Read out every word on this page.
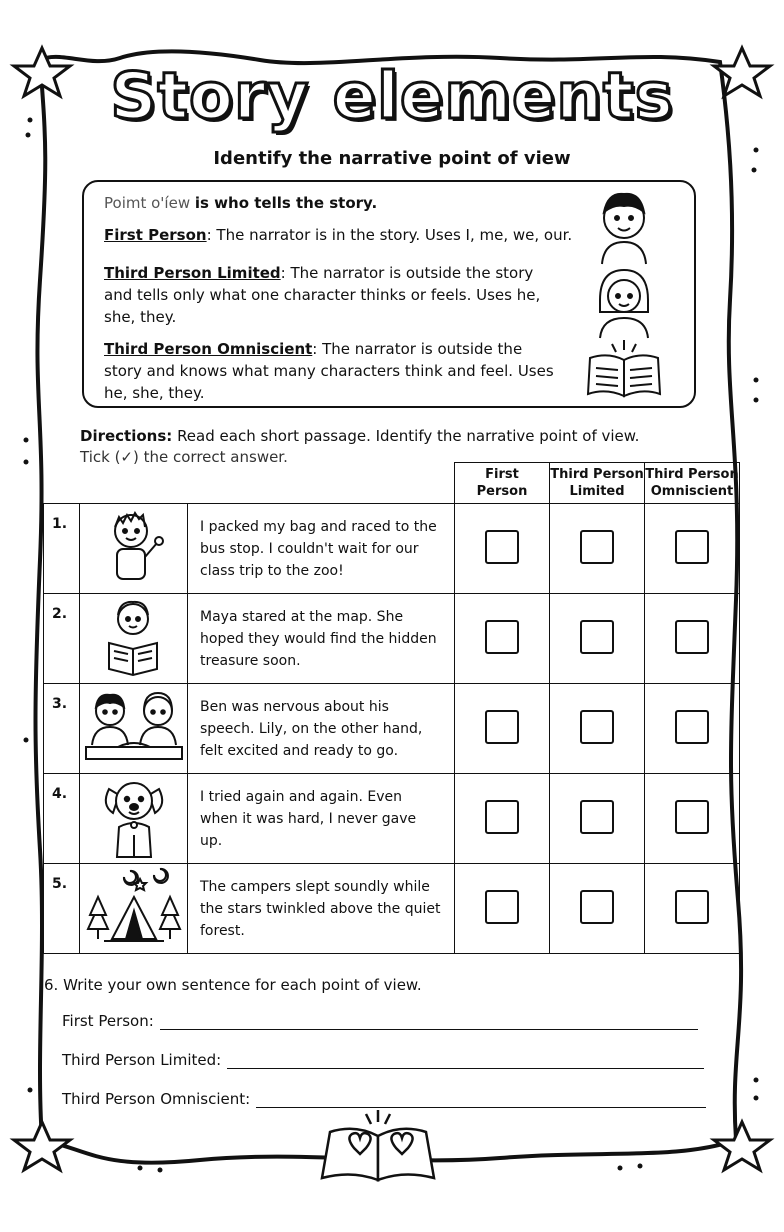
Story elements
Identify the narrative point of view
Poimt o'íew is who tells the story.
First Person: The narrator is in the story. Uses I, me, we, our.
Third Person Limited: The narrator is outside the story and tells only what one character thinks or feels. Uses he, she, they.
Third Person Omniscient: The narrator is outside the story and knows what many characters think and feel. Uses he, she, they.
Directions: Read each short passage. Identify the narrative point of view.
Tick (✓) the correct answer.
			First Person	Third Person Limited	Third Person Omniscient
1.		I packed my bag and raced to the bus stop. I couldn't wait for our class trip to the zoo!			
2.		Maya stared at the map. She hoped they would find the hidden treasure soon.			
3.		Ben was nervous about his speech. Lily, on the other hand, felt excited and ready to go.			
4.		I tried again and again. Even when it was hard, I never gave up.			
5.		The campers slept soundly while the stars twinkled above the quiet forest.			
6. Write your own sentence for each point of view.
First Person:
Third Person Limited:
Third Person Omniscient:
